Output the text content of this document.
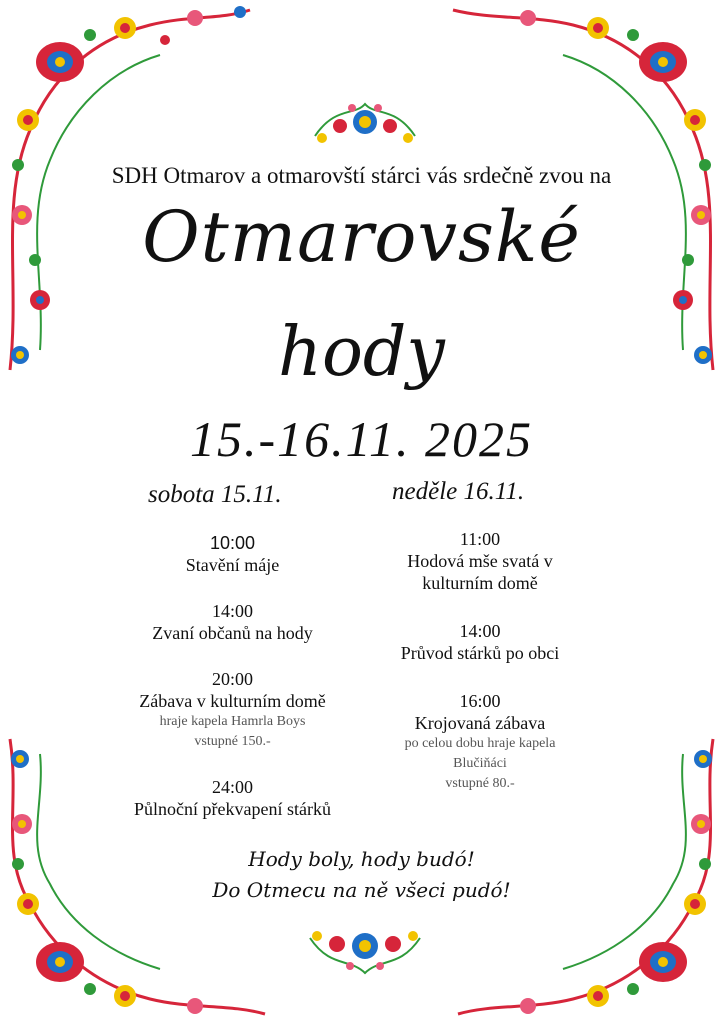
SDH Otmarov a otmarovští stárci vás srdečně zvou na
Otmarovské
hody
15.-16.11. 2025
sobota 15.11.	neděle 16.11.
10:00
Stavění máje
14:00
Zvaní občanů na hody
20:00
Zábava v kulturním domě
hraje kapela Hamrla Boys
vstupné 150.-
24:00
Půlnoční překvapení stárků
11:00
Hodová mše svatá v
kulturním domě
14:00
Průvod stárků po obci
16:00
Krojovaná zábava
po celou dobu hraje kapela
Blučiňáci
vstupné 80.-
Hody boly, hody budó!
Do Otmecu na ně všeci pudó!
